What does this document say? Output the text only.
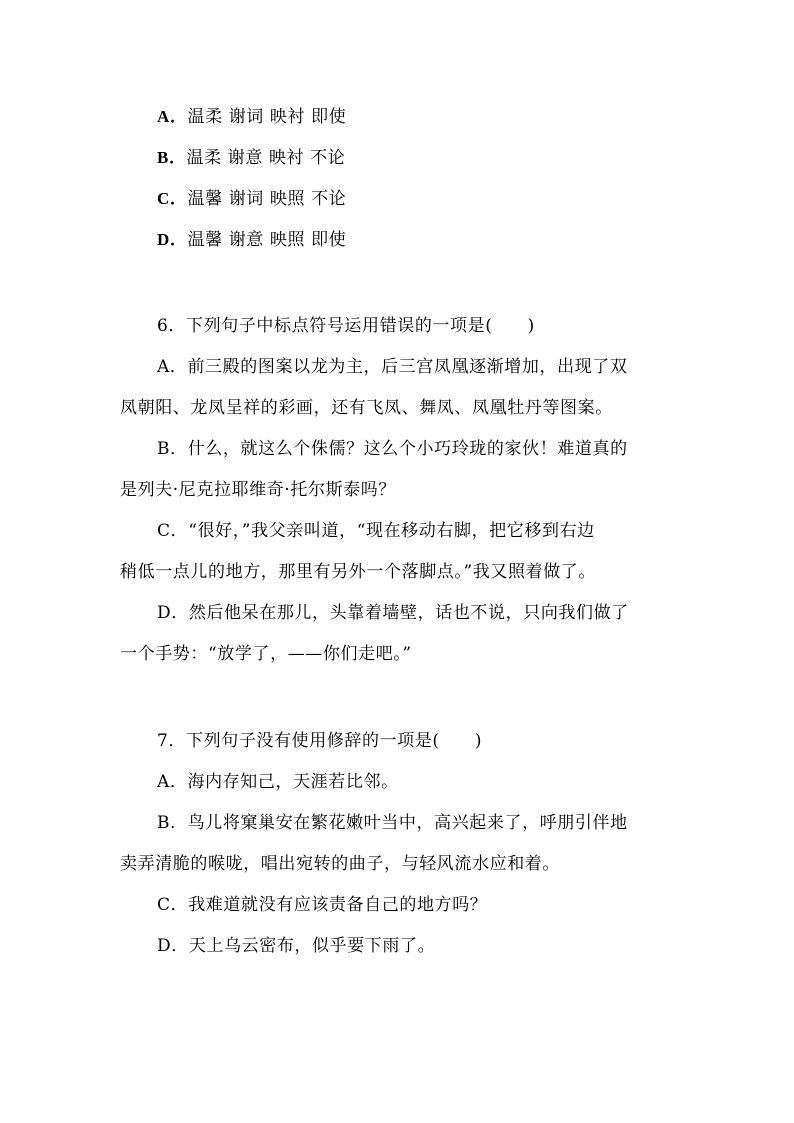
A．温柔 谢词 映衬 即使
B．温柔 谢意 映衬 不论
C．温馨 谢词 映照 不论
D．温馨 谢意 映照 即使
6．下列句子中标点符号运用错误的一项是(　　)
A．前三殿的图案以龙为主，后三宫凤凰逐渐增加，出现了双
凤朝阳、龙凤呈祥的彩画，还有飞凤、舞凤、凤凰牡丹等图案。
B．什么，就这么个侏儒？这么个小巧玲珑的家伙！难道真的
是列夫·尼克拉耶维奇·托尔斯泰吗？
C．“很好，”我父亲叫道，“现在移动右脚，把它移到右边
稍低一点儿的地方，那里有另外一个落脚点。”我又照着做了。
D．然后他呆在那儿，头靠着墙壁，话也不说，只向我们做了
一个手势：“放学了，——你们走吧。”
7．下列句子没有使用修辞的一项是(　　)
A．海内存知己，天涯若比邻。
B．鸟儿将窠巢安在繁花嫩叶当中，高兴起来了，呼朋引伴地
卖弄清脆的喉咙，唱出宛转的曲子，与轻风流水应和着。
C．我难道就没有应该责备自己的地方吗？
D．天上乌云密布，似乎要下雨了。
